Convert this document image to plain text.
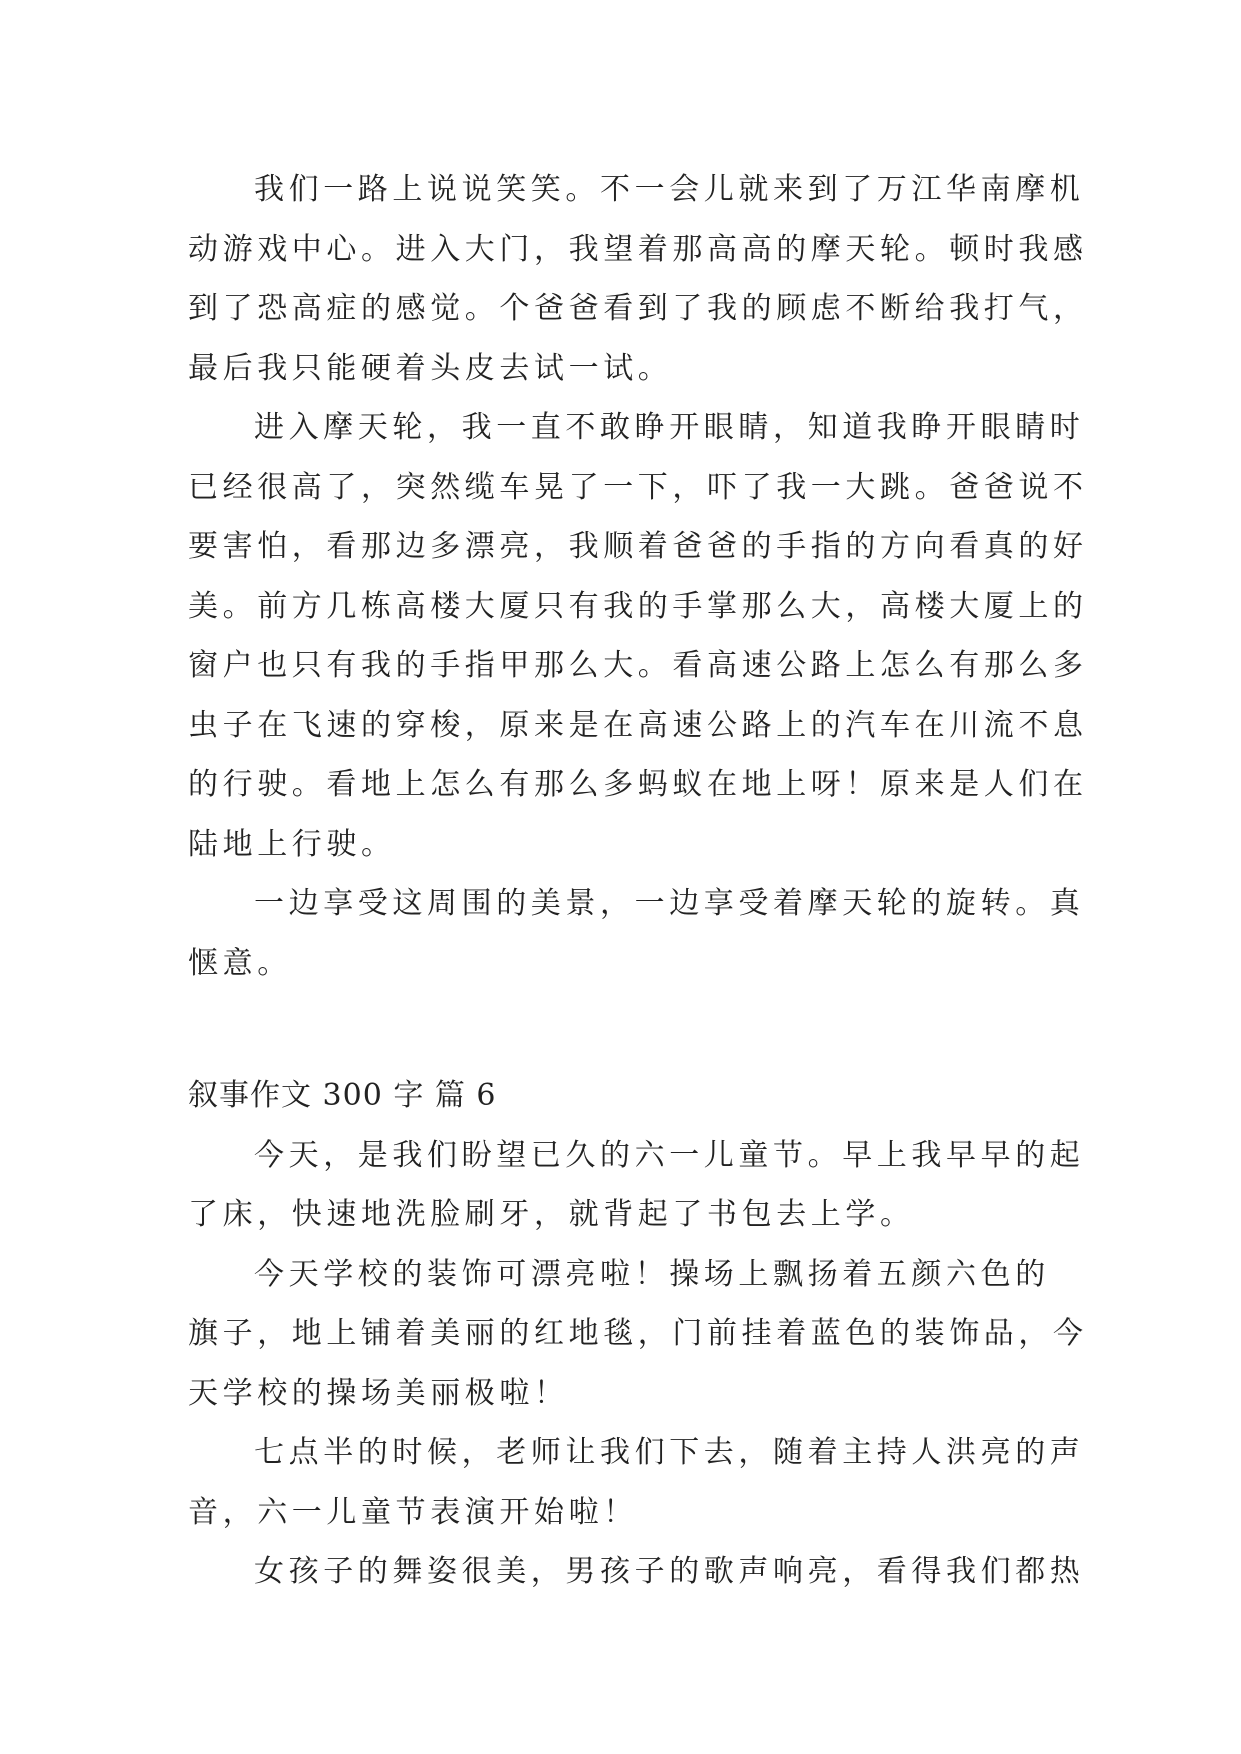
我们一路上说说笑笑。不一会儿就来到了万江华南摩机
动游戏中心。进入大门，我望着那高高的摩天轮。顿时我感
到了恐高症的感觉。个爸爸看到了我的顾虑不断给我打气，
最后我只能硬着头皮去试一试。
进入摩天轮，我一直不敢睁开眼睛，知道我睁开眼睛时
已经很高了，突然缆车晃了一下，吓了我一大跳。爸爸说不
要害怕，看那边多漂亮，我顺着爸爸的手指的方向看真的好
美。前方几栋高楼大厦只有我的手掌那么大，高楼大厦上的
窗户也只有我的手指甲那么大。看高速公路上怎么有那么多
虫子在飞速的穿梭，原来是在高速公路上的汽车在川流不息
的行驶。看地上怎么有那么多蚂蚁在地上呀！原来是人们在
陆地上行驶。
一边享受这周围的美景，一边享受着摩天轮的旋转。真
惬意。
叙事作文 300 字 篇 6
今天，是我们盼望已久的六一儿童节。早上我早早的起
了床，快速地洗脸刷牙，就背起了书包去上学。
今天学校的装饰可漂亮啦！操场上飘扬着五颜六色的
旗子，地上铺着美丽的红地毯，门前挂着蓝色的装饰品，今
天学校的操场美丽极啦！
七点半的时候，老师让我们下去，随着主持人洪亮的声
音，六一儿童节表演开始啦！
女孩子的舞姿很美，男孩子的歌声响亮，看得我们都热
